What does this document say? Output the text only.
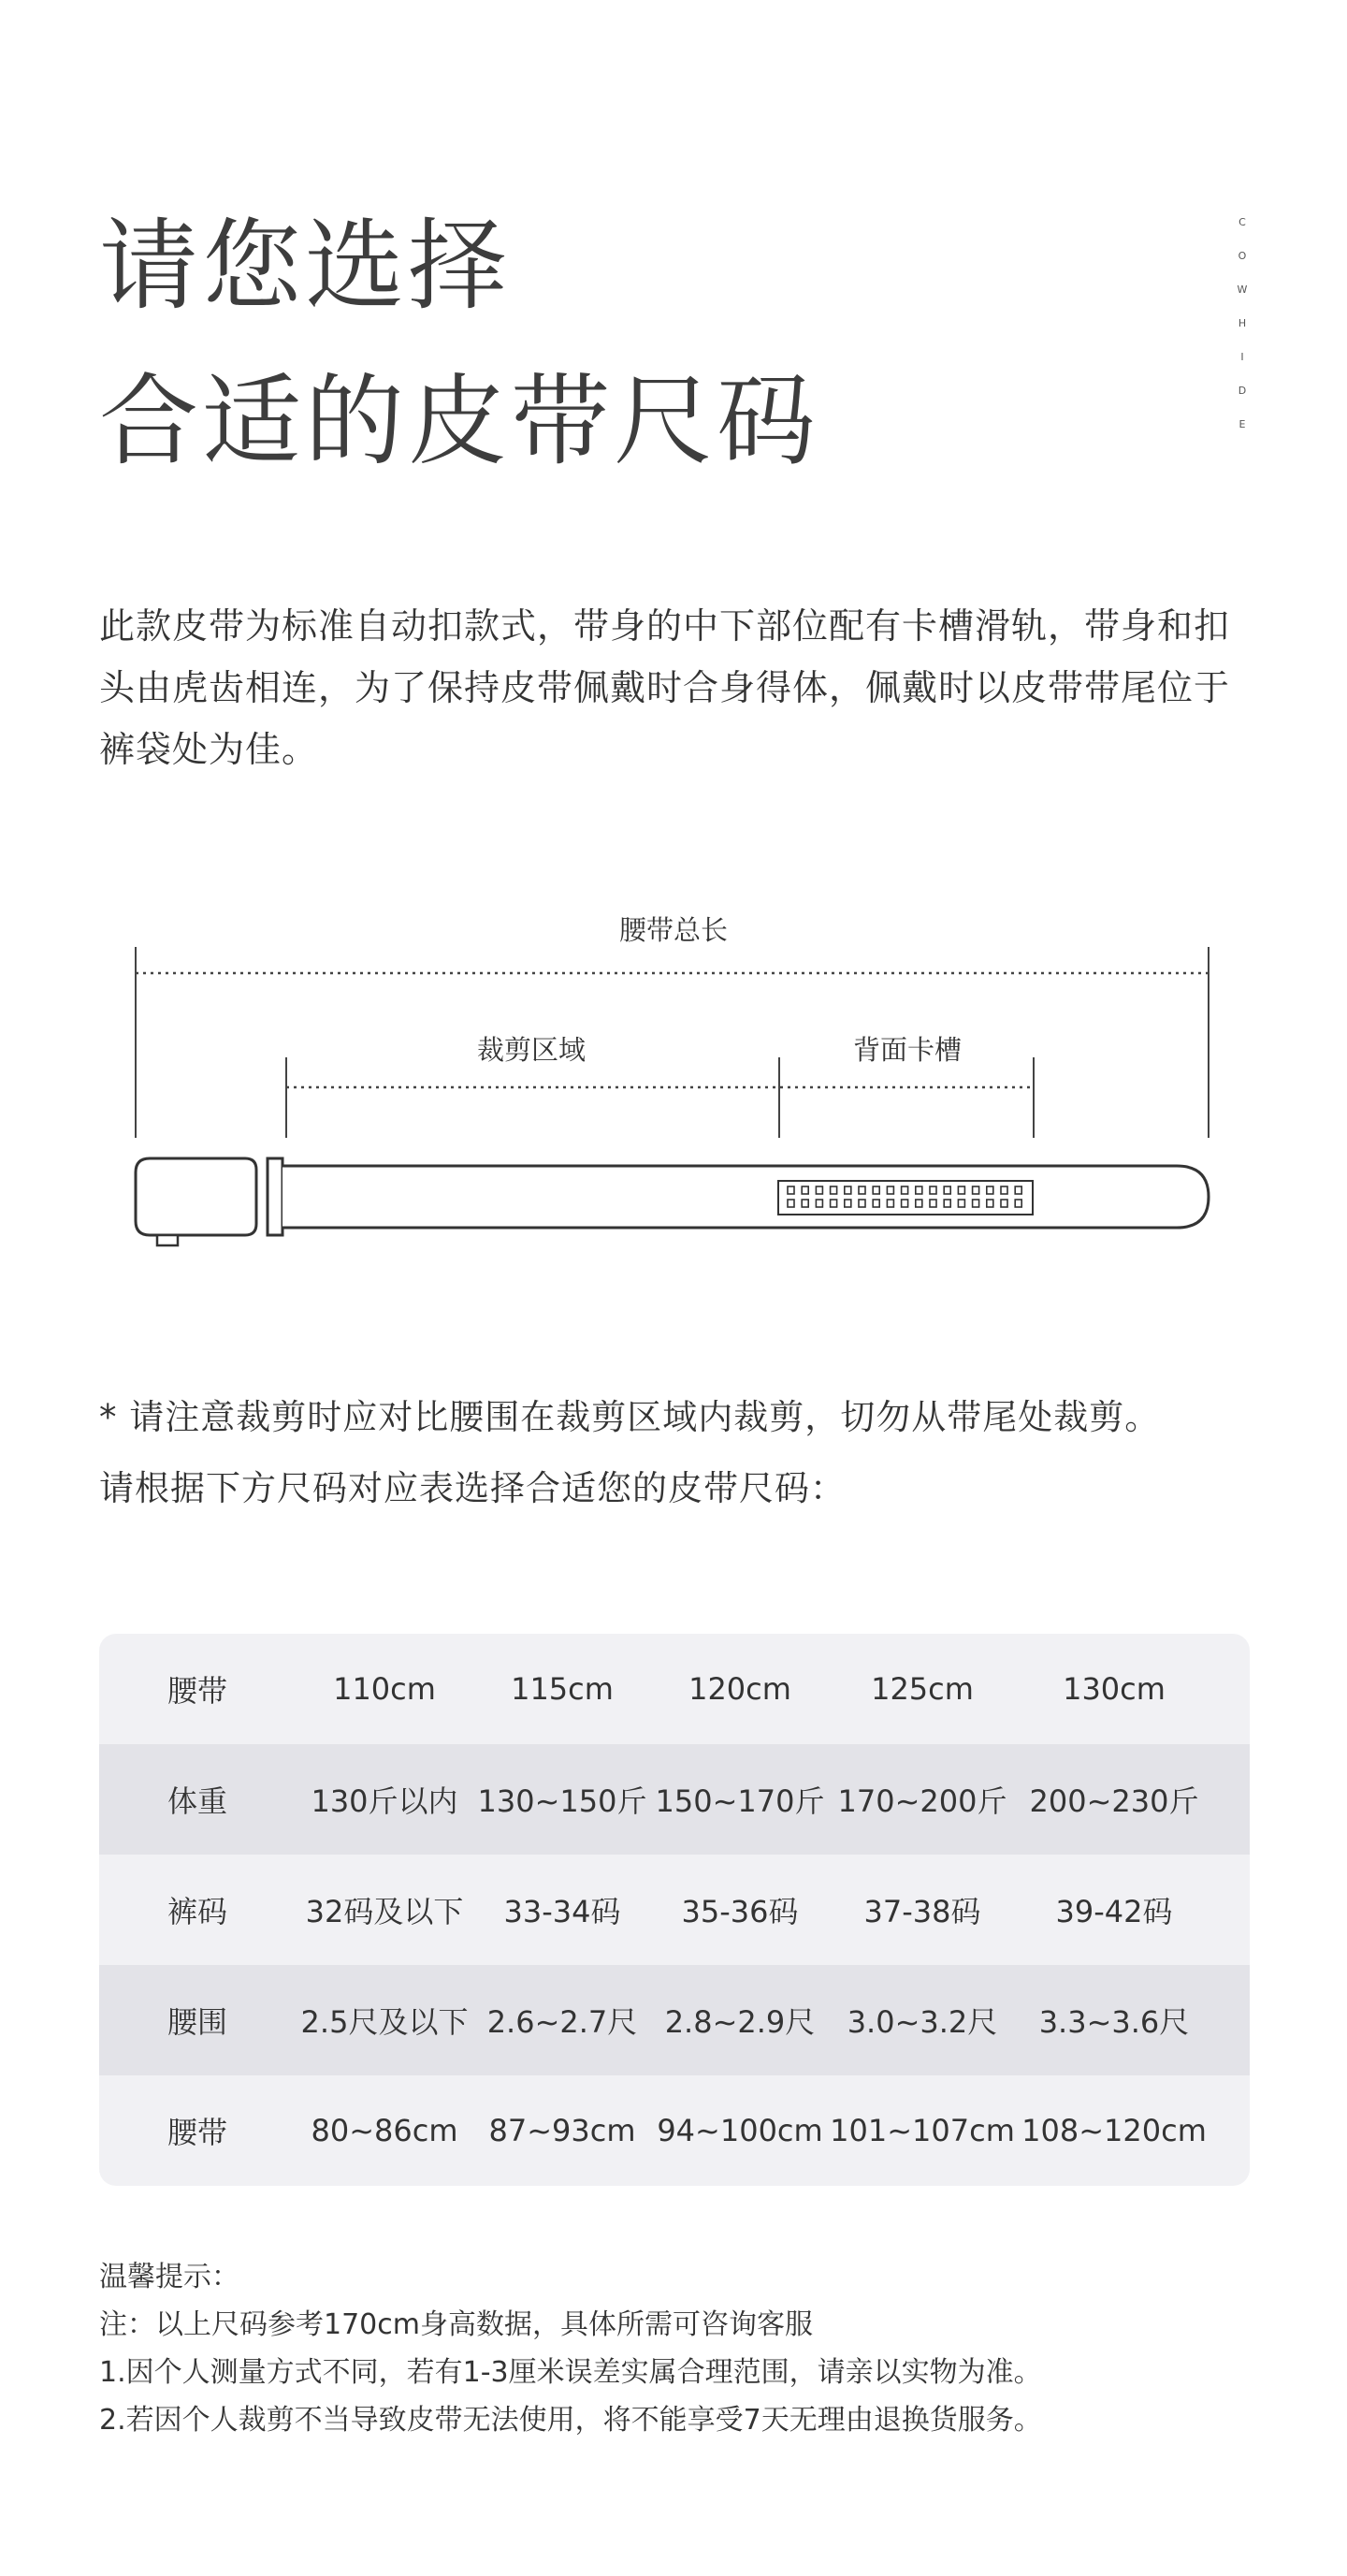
请您选择
合适的皮带尺码
C
O
W
H
I
D
E

此款皮带为标准自动扣款式，带身的中下部位配有卡槽滑轨，带身和扣头由虎齿相连，为了保持皮带佩戴时合身得体，佩戴时以皮带带尾位于裤袋处为佳。

腰带总长
裁剪区域	背面卡槽

* 请注意裁剪时应对比腰围在裁剪区域内裁剪，切勿从带尾处裁剪。

请根据下方尺码对应表选择合适您的皮带尺码：

腰带	110cm	115cm	120cm	125cm	130cm
体重	130斤以内 130~150斤 150~170斤 170~200斤 200~230斤
裤码	32码及以下	33-34码	35-36码	37-38码	39-42码
腰围	2.5尺及以下 2.6~2.7尺 2.8~2.9尺	3.0~3.2尺	3.3~3.6尺
腰带	80~86cm	87~93cm 94~100cm 101~107cm 108~120cm

温馨提示：

注：以上尺码参考170cm身高数据，具体所需可咨询客服

1.因个人测量方式不同，若有1-3厘米误差实属合理范围，请亲以实物为准。

2.若因个人裁剪不当导致皮带无法使用，将不能享受7天无理由退换货服务。
